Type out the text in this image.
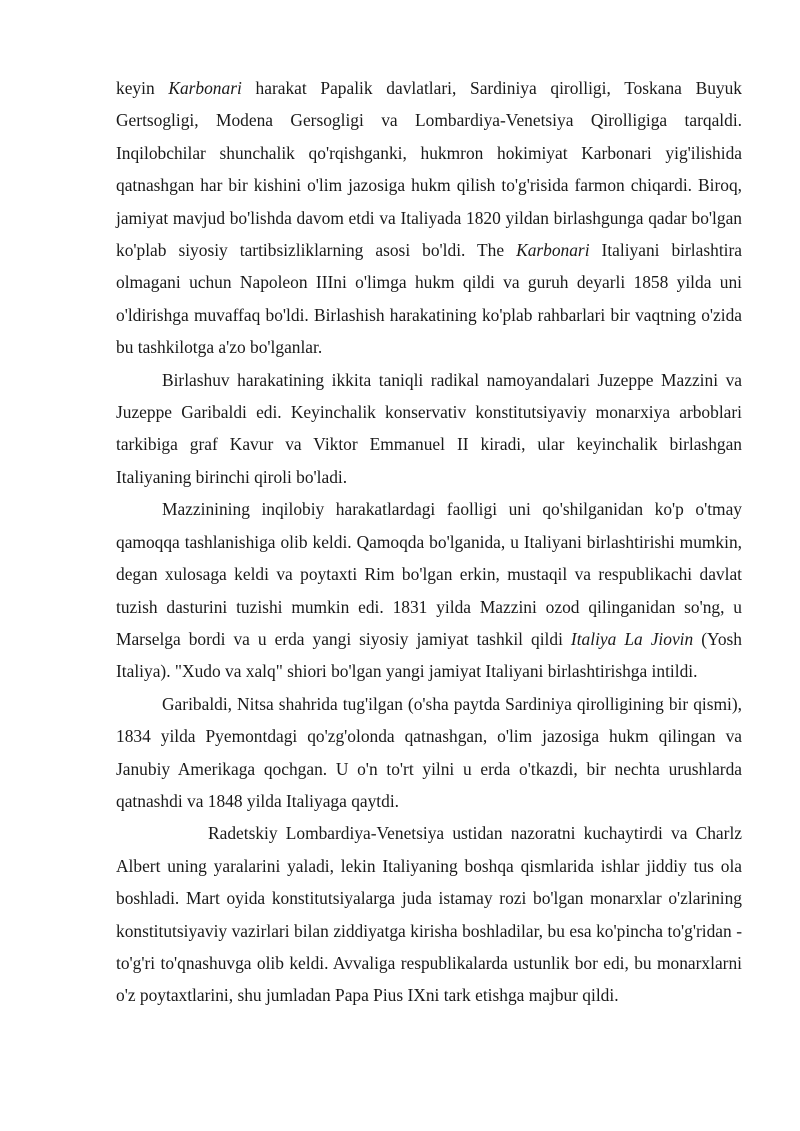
keyin Karbonari harakat Papalik davlatlari, Sardiniya qirolligi, Toskana Buyuk Gertsogligi, Modena Gersogligi va Lombardiya-Venetsiya Qirolligiga tarqaldi. Inqilobchilar shunchalik qo'rqishganki, hukmron hokimiyat Karbonari yig'ilishida qatnashgan har bir kishini o'lim jazosiga hukm qilish to'g'risida farmon chiqardi. Biroq, jamiyat mavjud bo'lishda davom etdi va Italiyada 1820 yildan birlashgunga qadar bo'lgan ko'plab siyosiy tartibsizliklarning asosi bo'ldi. The Karbonari Italiyani birlashtira olmagani uchun Napoleon IIIni o'limga hukm qildi va guruh deyarli 1858 yilda uni o'ldirishga muvaffaq bo'ldi. Birlashish harakatining ko'plab rahbarlari bir vaqtning o'zida bu tashkilotga a'zo bo'lganlar.

Birlashuv harakatining ikkita taniqli radikal namoyandalari Juzeppe Mazzini va Juzeppe Garibaldi edi. Keyinchalik konservativ konstitutsiyaviy monarxiya arboblari tarkibiga graf Kavur va Viktor Emmanuel II kiradi, ular keyinchalik birlashgan Italiyaning birinchi qiroli bo'ladi.

Mazzinining inqilobiy harakatlardagi faolligi uni qo'shilganidan ko'p o'tmay qamoqqa tashlanishiga olib keldi. Qamoqda bo'lganida, u Italiyani birlashtirishi mumkin, degan xulosaga keldi va poytaxti Rim bo'lgan erkin, mustaqil va respublikachi davlat tuzish dasturini tuzishi mumkin edi. 1831 yilda Mazzini ozod qilinganidan so'ng, u Marselga bordi va u erda yangi siyosiy jamiyat tashkil qildi Italiya La Jiovin (Yosh Italiya). "Xudo va xalq" shiori bo'lgan yangi jamiyat Italiyani birlashtirishga intildi.

Garibaldi, Nitsa shahrida tug'ilgan (o'sha paytda Sardiniya qirolligining bir qismi), 1834 yilda Pyemontdagi qo'zg'olonda qatnashgan, o'lim jazosiga hukm qilingan va Janubiy Amerikaga qochgan. U o'n to'rt yilni u erda o'tkazdi, bir nechta urushlarda qatnashdi va 1848 yilda Italiyaga qaytdi.

Radetskiy Lombardiya-Venetsiya ustidan nazoratni kuchaytirdi va Charlz Albert uning yaralarini yaladi, lekin Italiyaning boshqa qismlarida ishlar jiddiy tus ola boshladi. Mart oyida konstitutsiyalarga juda istamay rozi bo'lgan monarxlar o'zlarining konstitutsiyaviy vazirlari bilan ziddiyatga kirisha boshladilar, bu esa ko'pincha to'g'ridan -to'g'ri to'qnashuvga olib keldi. Avvaliga respublikalarda ustunlik bor edi, bu monarxlarni o'z poytaxtlarini, shu jumladan Papa Pius IXni tark etishga majbur qildi.
